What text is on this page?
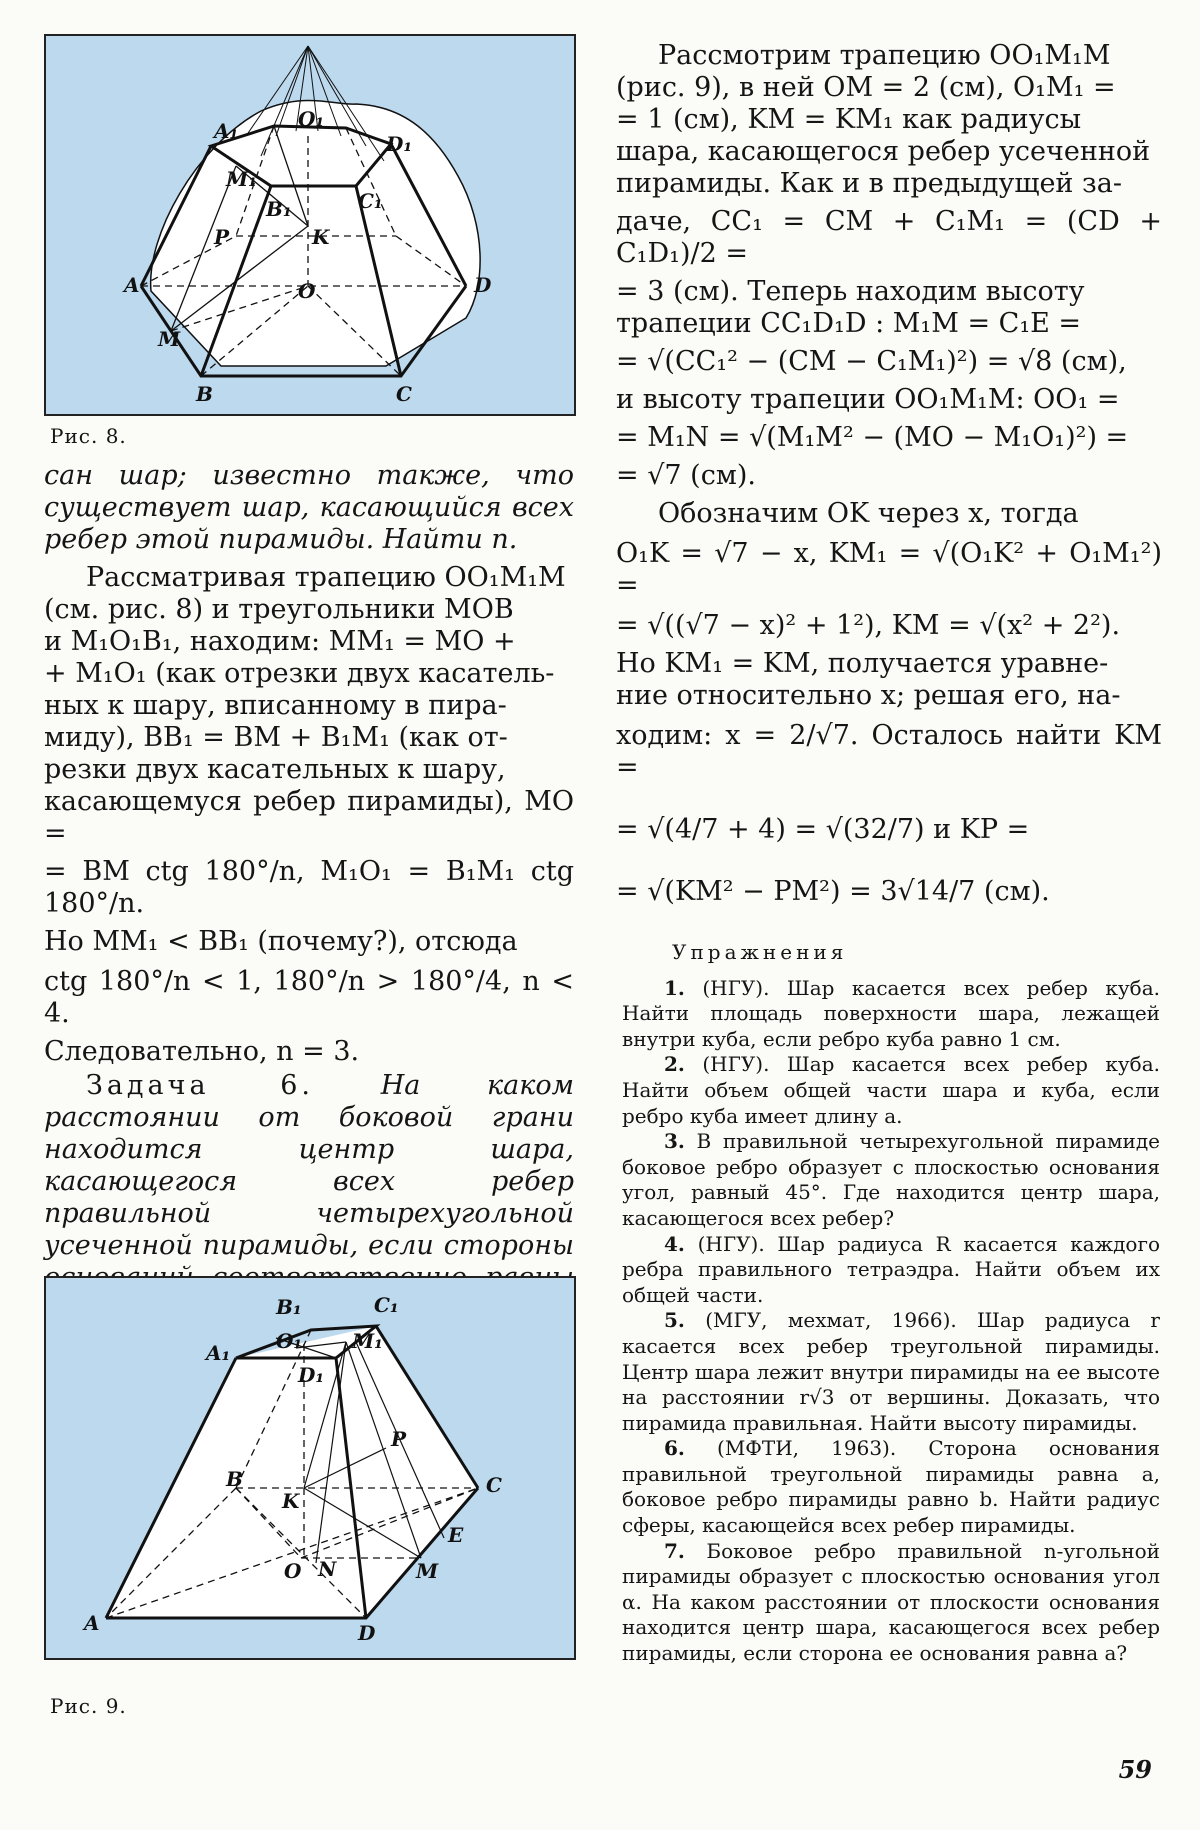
A₁	O₁
D₁
M₁
C₁
B₁
P	K
A	O	D
M
B	C
Рис. 8.

сан шар; известно также, что существует шар, касающийся всех ребер этой пирамиды. Найти n.

Рассматривая трапецию OO₁M₁M

(см. рис. 8) и треугольники MOB

и M₁O₁B₁, находим: MM₁ = MO +

+ M₁O₁ (как отрезки двух касатель-

ных к шару, вписанному в пира-

миду), BB₁ = BM + B₁M₁ (как от-

резки двух касательных к шару,

касающемуся ребер пирамиды), MO =

= BM ctg 180°/n, M₁O₁ = B₁M₁ ctg 180°/n.

Но MM₁ < BB₁ (почему?), отсюда

ctg 180°/n < 1, 180°/n > 180°/4, n < 4.

Следовательно, n = 3.

Задача 6. На каком расстоянии от боковой грани находится центр шара, касающегося всех ребер правильной четырехугольной усеченной пирамиды, если стороны

B₁	C₁
A₁ O₁ M₁
D₁
P
B	C
K
E
O N	M
A	D
Рис. 9.

Рассмотрим трапецию OO₁M₁M

(рис. 9), в ней OM = 2 (см), O₁M₁ =

= 1 (см), KM = KM₁ как радиусы

шара, касающегося ребер усеченной

пирамиды. Как и в предыдущей за-

даче, CC₁ = CM + C₁M₁ = (CD + C₁D₁)/2 =

= 3 (см). Теперь находим высоту

трапеции CC₁D₁D : M₁M = C₁E =

= √(CC₁² − (CM − C₁M₁)²) = √8 (см),

и высоту трапеции OO₁M₁M: OO₁ =

= M₁N = √(M₁M² − (MO − M₁O₁)²) =

= √7 (см).

Обозначим OK через x, тогда

O₁K = √7 − x, KM₁ = √(O₁K² + O₁M₁²) =

= √((√7 − x)² + 1²), KM = √(x² + 2²).

Но KM₁ = KM, получается уравне-

ние относительно x; решая его, на-

ходим: x = 2/√7. Осталось найти KM =

= √(4/7 + 4) = √(32/7) и KP =

= √(KM² − PM²) = 3√14/7 (см).

Упражнения

1. (НГУ). Шар касается всех ребер куба. Найти площадь поверхности шара, лежащей внутри куба, если ребро куба равно 1 см.

2. (НГУ). Шар касается всех ребер куба. Найти объем общей части шара и куба, если ребро куба имеет длину a.

3. В правильной четырехугольной пирамиде боковое ребро образует с плоскостью основания угол, равный 45°. Где находится центр шара, касающегося всех ребер?

4. (НГУ). Шар радиуса R касается каждого ребра правильного тетраэдра. Найти объем их общей части.

5. (МГУ, мехмат, 1966). Шар радиуса r касается всех ребер треугольной пирамиды. Центр шара лежит внутри пирамиды на ее высоте на расстоянии r√3 от вершины. Доказать, что пирамида правильная. Найти высоту пирамиды.

6. (МФТИ, 1963). Сторона основания правильной треугольной пирамиды равна a, боковое ребро пирамиды равно b. Найти радиус сферы, касающейся всех ребер пирамиды.

7. Боковое ребро правильной n-угольной пирамиды образует с плоскостью основания угол α. На каком расстоянии от плоскости основания находится центр шара, касающегося всех ребер пирамиды, если сторона ее основания равна a?

59
